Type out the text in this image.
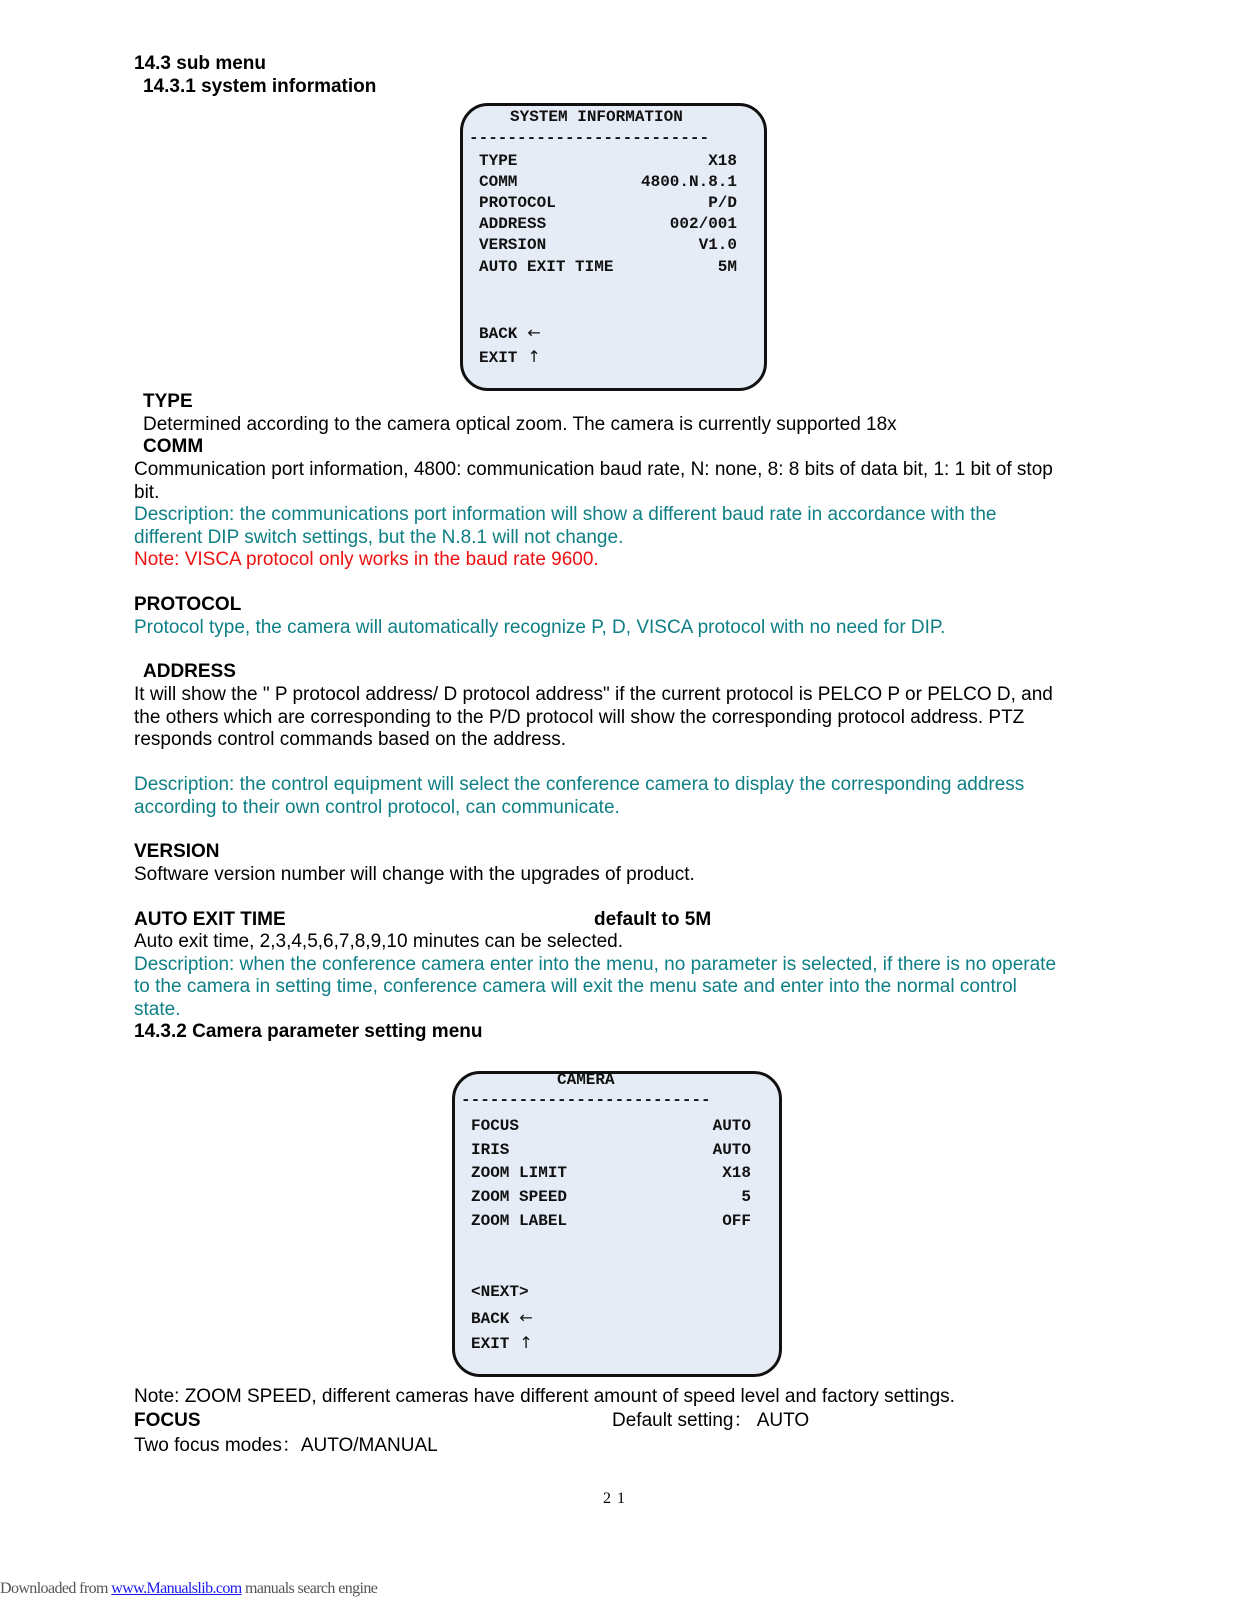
14.3 sub menu
14.3.1 system information
SYSTEM INFORMATION
-------------------------
TYPE	X18
COMM	4800.N.8.1
PROTOCOL	P/D
ADDRESS	002/001
VERSION	V1.0
AUTO EXIT TIME	5M
BACK ←
EXIT ↑
TYPE
Determined according to the camera optical zoom. The camera is currently supported 18x
COMM
Communication port information, 4800: communication baud rate, N: none, 8: 8 bits of data bit, 1: 1 bit of stop
bit.
Description: the communications port information will show a different baud rate in accordance with the
different DIP switch settings, but the N.8.1 will not change.
Note: VISCA protocol only works in the baud rate 9600.
PROTOCOL
Protocol type, the camera will automatically recognize P, D, VISCA protocol with no need for DIP.
ADDRESS
It will show the " P protocol address/ D protocol address" if the current protocol is PELCO P or PELCO D, and
the others which are corresponding to the P/D protocol will show the corresponding protocol address. PTZ
responds control commands based on the address.
Description: the control equipment will select the conference camera to display the corresponding address
according to their own control protocol, can communicate.
VERSION
Software version number will change with the upgrades of product.
AUTO EXIT TIME	default to 5M
Auto exit time, 2,3,4,5,6,7,8,9,10 minutes can be selected.
Description: when the conference camera enter into the menu, no parameter is selected, if there is no operate
to the camera in setting time, conference camera will exit the menu sate and enter into the normal control
state.
14.3.2 Camera parameter setting menu
CAMERA
--------------------------
FOCUS	AUTO
IRIS	AUTO
ZOOM LIMIT	X18
ZOOM SPEED	5
ZOOM LABEL	OFF
<NEXT>
BACK ←
EXIT ↑
Note: ZOOM SPEED, different cameras have different amount of speed level and factory settings.
FOCUS	Default setting： AUTO
Two focus modes：AUTO/MANUAL
21
Downloaded from www.Manualslib.com manuals search engine
